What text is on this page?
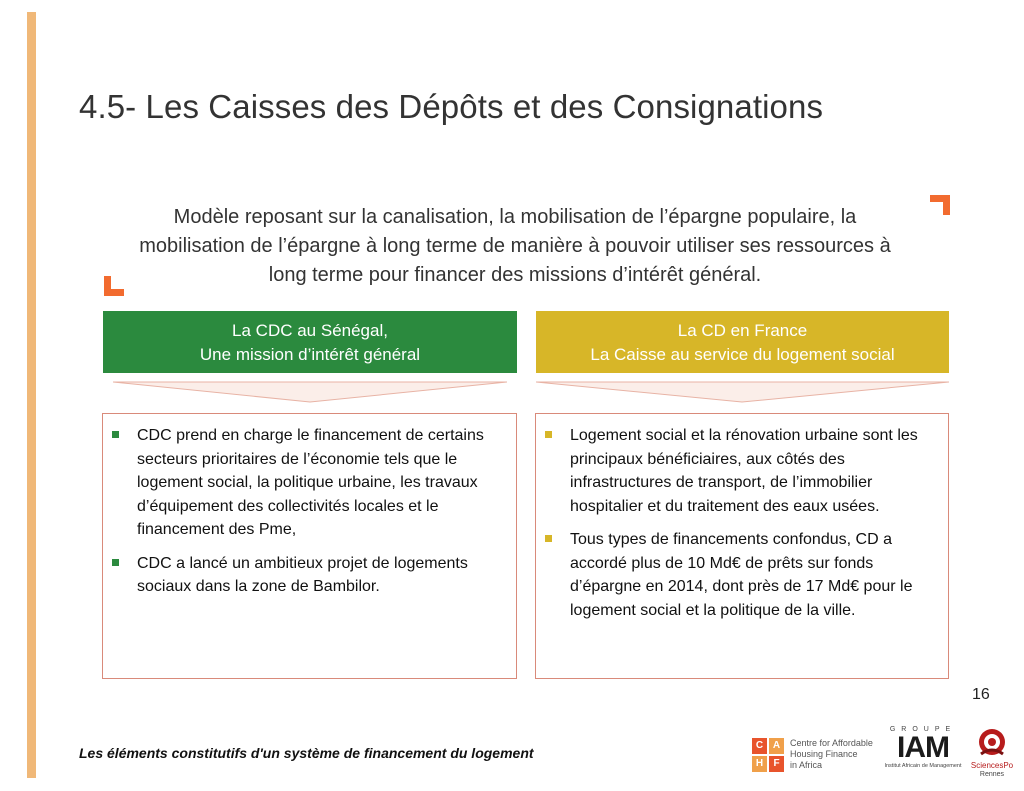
4.5- Les Caisses des Dépôts et des Consignations

Modèle reposant sur la canalisation, la mobilisation de l’épargne populaire, la mobilisation de l’épargne à long terme de manière à pouvoir utiliser ses ressources à long terme pour financer des missions d’intérêt général.

La CDC au Sénégal,
Une mission d’intérêt général
La CD en France
La Caisse au service du logement social
CDC prend en charge le financement de certains secteurs prioritaires de l’économie tels que le logement social, la politique urbaine, les travaux d’équipement des collectivités locales et le financement des Pme,
CDC a lancé un ambitieux projet de logements sociaux dans la zone de Bambilor.
Logement social et la rénovation urbaine sont les principaux bénéficiaires, aux côtés des infrastructures de transport, de l’immobilier hospitalier et du traitement des eaux usées.
Tous types de financements confondus, CD a accordé plus de 10 Md€ de prêts sur fonds d’épargne en 2014, dont près de 17 Md€ pour le logement social et la politique de la ville.
16
Les éléments constitutifs d'un système de financement du logement	C A
H	F
Centre for Affordable
Housing Finance
in Africa
GROUPE
IAM
Institut Africain de Management	SciencesPo
Rennes
